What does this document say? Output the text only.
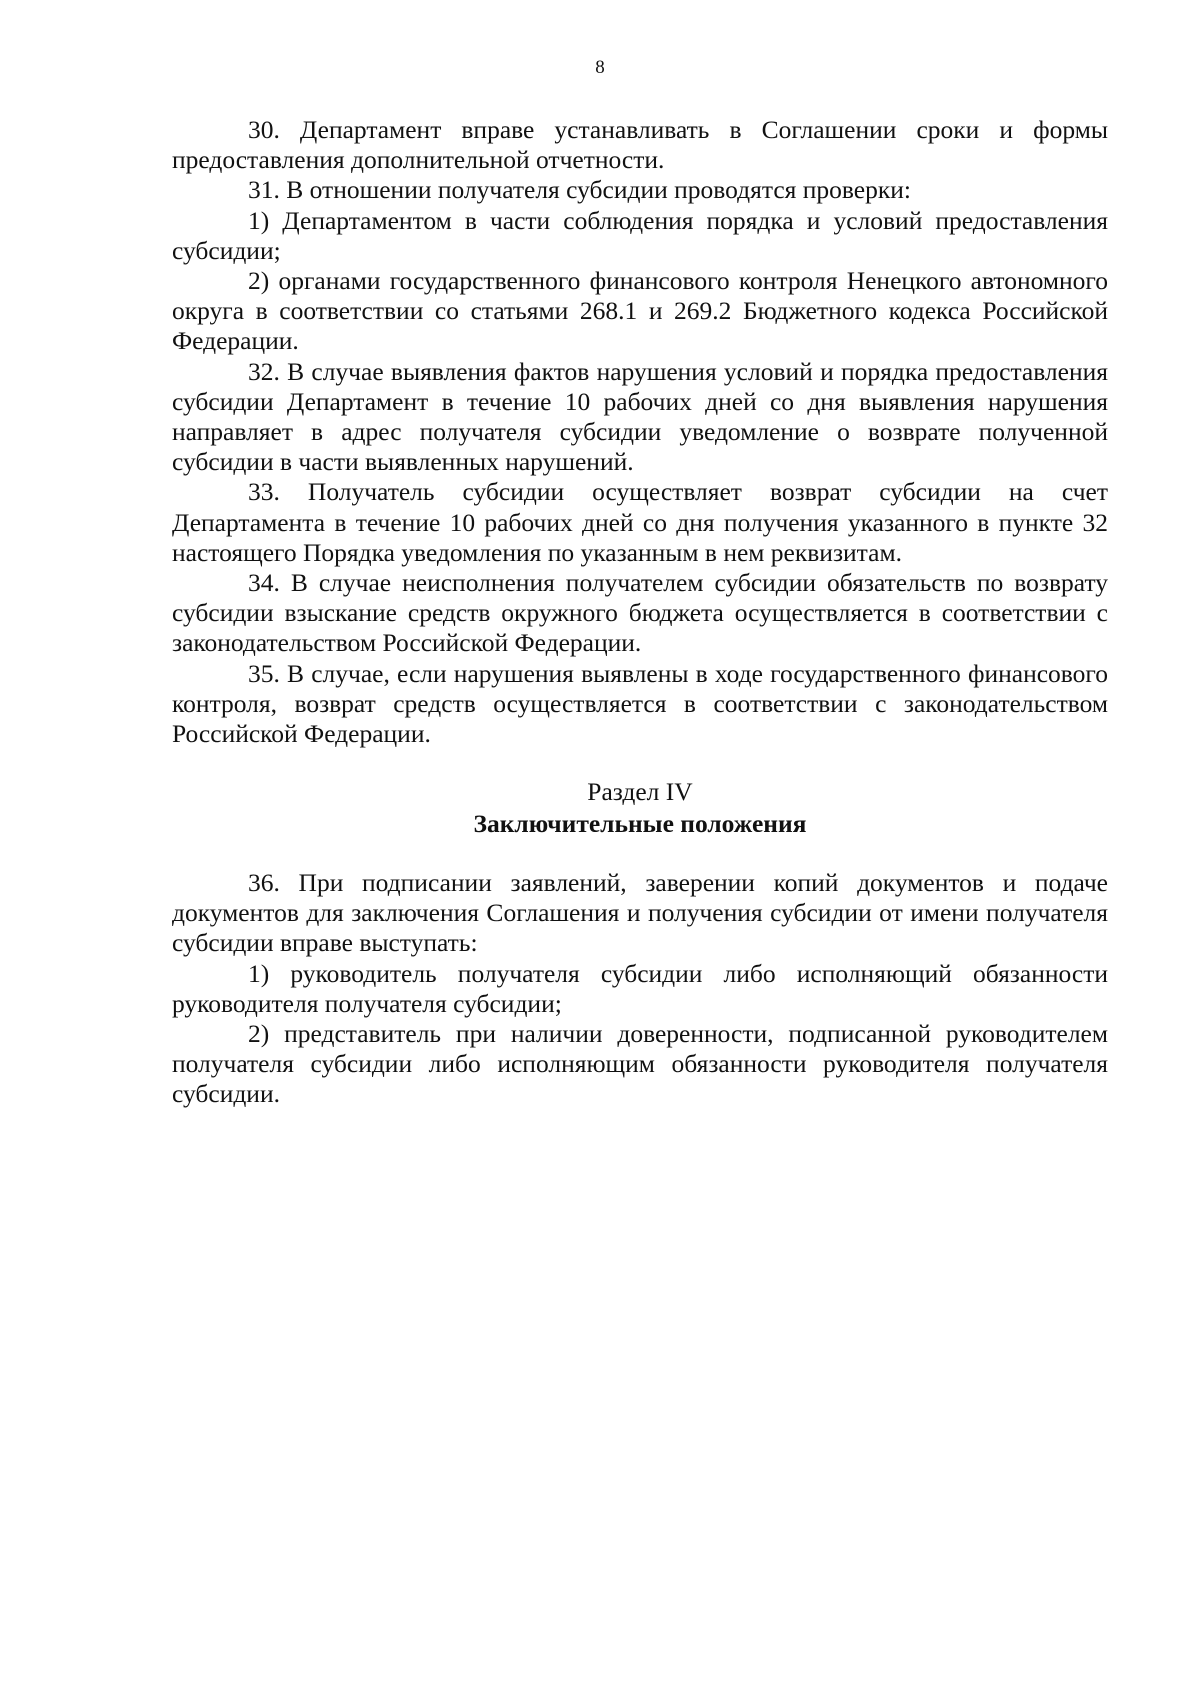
8

30. Департамент вправе устанавливать в Соглашении сроки и формы предоставления дополнительной отчетности.

31. В отношении получателя субсидии проводятся проверки:

1) Департаментом в части соблюдения порядка и условий предоставления субсидии;

2) органами государственного финансового контроля Ненецкого автономного округа в соответствии со статьями 268.1 и 269.2 Бюджетного кодекса Российской Федерации.

32. В случае выявления фактов нарушения условий и порядка предоставления субсидии Департамент в течение 10 рабочих дней со дня выявления нарушения направляет в адрес получателя субсидии уведомление о возврате полученной субсидии в части выявленных нарушений.

33. Получатель субсидии осуществляет возврат субсидии на счет Департамента в течение 10 рабочих дней со дня получения указанного в пункте 32 настоящего Порядка уведомления по указанным в нем реквизитам.

34. В случае неисполнения получателем субсидии обязательств по возврату субсидии взыскание средств окружного бюджета осуществляется в соответствии с законодательством Российской Федерации.

35. В случае, если нарушения выявлены в ходе государственного финансового контроля, возврат средств осуществляется в соответствии с законодательством Российской Федерации.

Раздел IV
Заключительные положения

36. При подписании заявлений, заверении копий документов и подаче документов для заключения Соглашения и получения субсидии от имени получателя субсидии вправе выступать:

1) руководитель получателя субсидии либо исполняющий обязанности руководителя получателя субсидии;

2) представитель при наличии доверенности, подписанной руководителем получателя субсидии либо исполняющим обязанности руководителя получателя субсидии.
